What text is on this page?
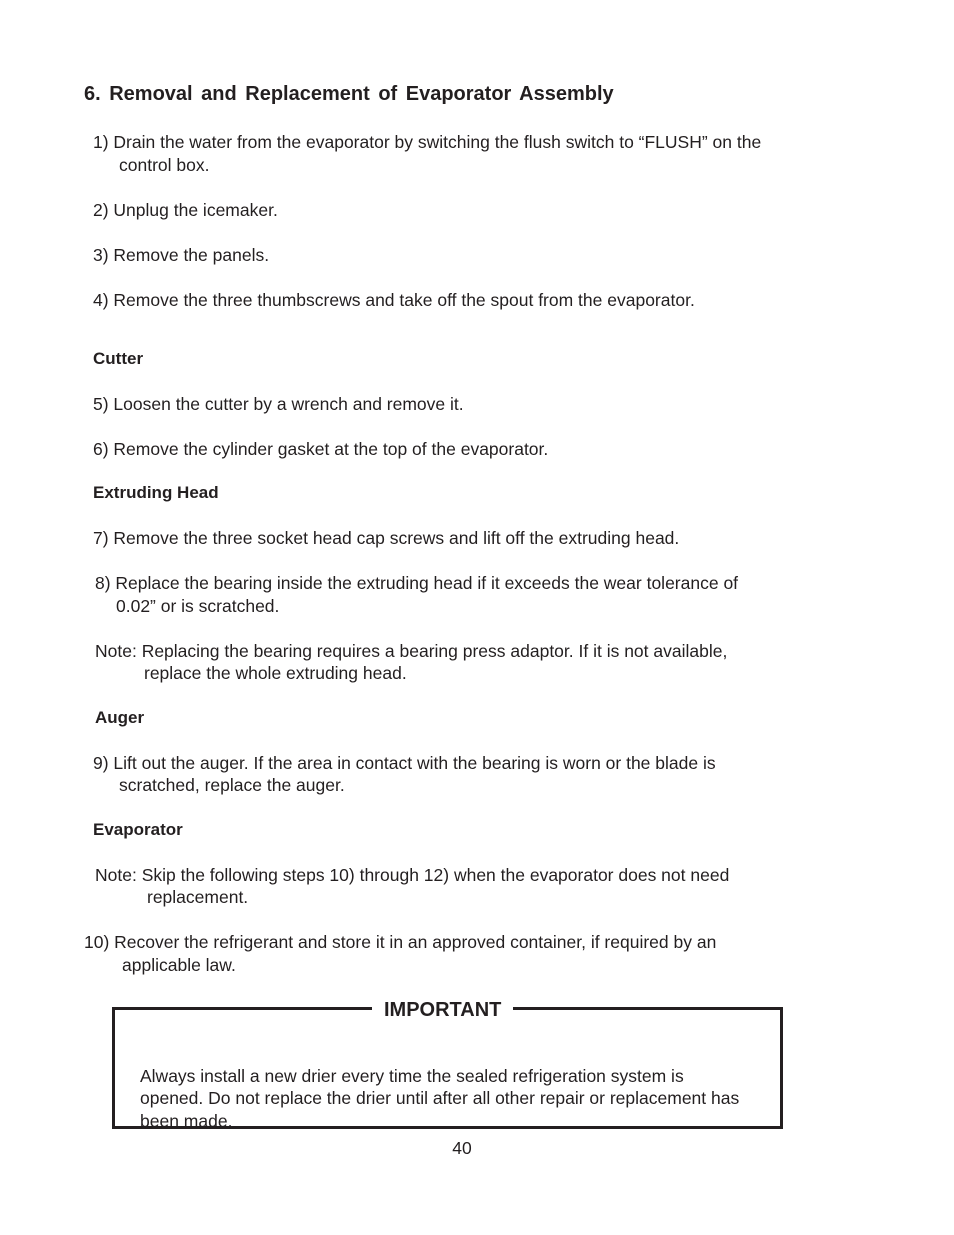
6. Removal and Replacement of Evaporator Assembly

1) Drain the water from the evaporator by switching the flush switch to “FLUSH” on the

control box.

2) Unplug the icemaker.

3) Remove the panels.

4) Remove the three thumbscrews and take off the spout from the evaporator.

Cutter

5) Loosen the cutter by a wrench and remove it.

6) Remove the cylinder gasket at the top of the evaporator.

Extruding Head

7) Remove the three socket head cap screws and lift off the extruding head.

8) Replace the bearing inside the extruding head if it exceeds the wear tolerance of

0.02” or is scratched.

Note: Replacing the bearing requires a bearing press adaptor. If it is not available,

replace the whole extruding head.

Auger

9) Lift out the auger. If the area in contact with the bearing is worn or the blade is

scratched, replace the auger.

Evaporator

Note: Skip the following steps 10) through 12) when the evaporator does not need

replacement.

10) Recover the refrigerant and store it in an approved container, if required by an

applicable law.

IMPORTANT

Always install a new drier every time the sealed refrigeration system is opened. Do not replace the drier until after all other repair or replacement has been made.

40
